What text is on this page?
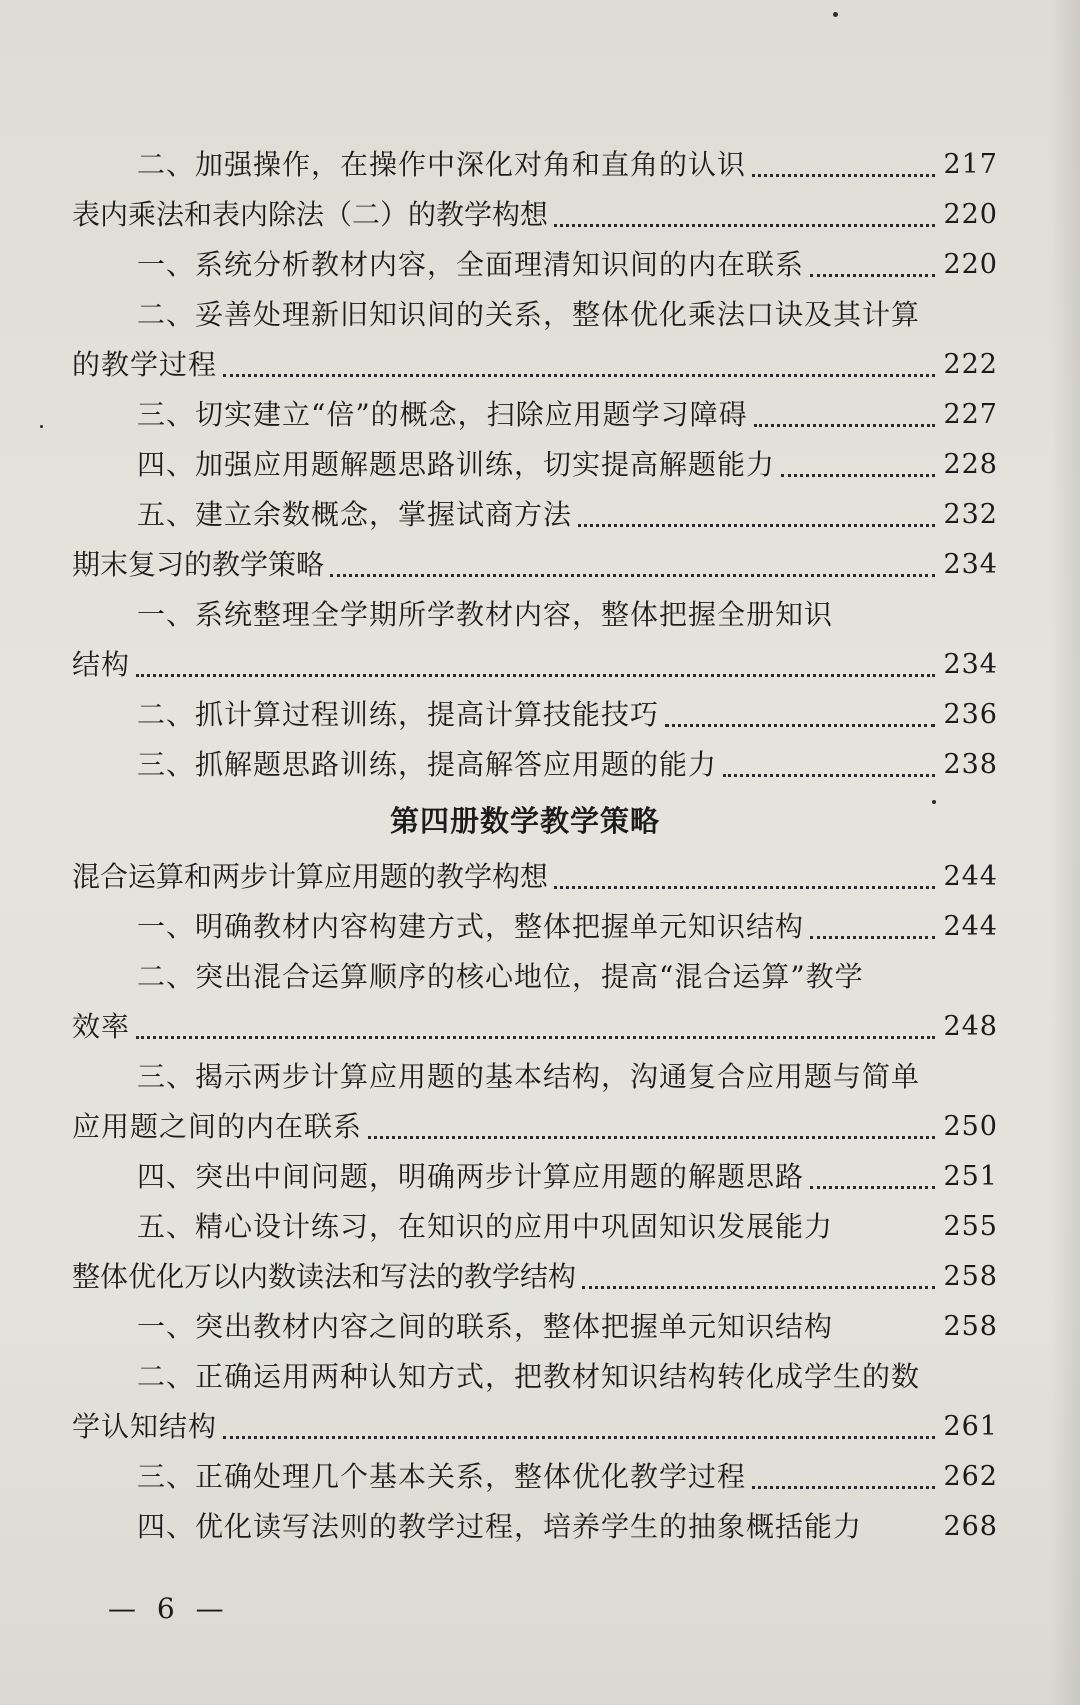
二、加强操作，在操作中深化对角和直角的认识	217
表内乘法和表内除法（二）的教学构想	220
一、系统分析教材内容，全面理清知识间的内在联系	220
二、妥善处理新旧知识间的关系，整体优化乘法口诀及其计算
的教学过程	222
三、切实建立“倍”的概念，扫除应用题学习障碍	227
四、加强应用题解题思路训练，切实提高解题能力	228
五、建立余数概念，掌握试商方法	232
期末复习的教学策略	234
一、系统整理全学期所学教材内容，整体把握全册知识
结构	234
二、抓计算过程训练，提高计算技能技巧	236
三、抓解题思路训练，提高解答应用题的能力	238
第四册数学教学策略
混合运算和两步计算应用题的教学构想	244
一、明确教材内容构建方式，整体把握单元知识结构	244
二、突出混合运算顺序的核心地位，提高“混合运算”教学
效率	248
三、揭示两步计算应用题的基本结构，沟通复合应用题与简单
应用题之间的内在联系	250
四、突出中间问题，明确两步计算应用题的解题思路	251
五、精心设计练习，在知识的应用中巩固知识发展能力	255
整体优化万以内数读法和写法的教学结构	258
一、突出教材内容之间的联系，整体把握单元知识结构	258
二、正确运用两种认知方式，把教材知识结构转化成学生的数
学认知结构	261
三、正确处理几个基本关系，整体优化教学过程	262
四、优化读写法则的教学过程，培养学生的抽象概括能力	268
— 6 —
